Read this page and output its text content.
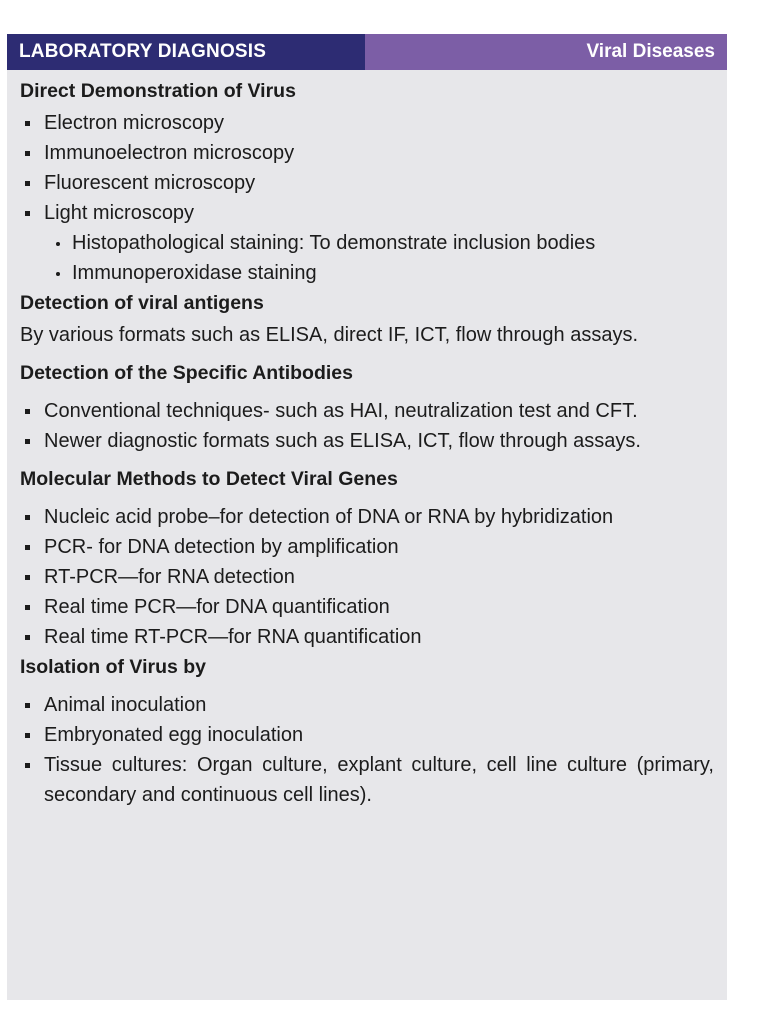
LABORATORY DIAGNOSIS	Viral Diseases
Direct Demonstration of Virus
Electron microscopy
Immunoelectron microscopy
Fluorescent microscopy
Light microscopy
Histopathological staining: To demonstrate inclusion bodies
Immunoperoxidase staining
Detection of viral antigens

By various formats such as ELISA, direct IF, ICT, flow through assays.

Detection of the Specific Antibodies
Conventional techniques- such as HAI, neutralization test and CFT.
Newer diagnostic formats such as ELISA, ICT, flow through assays.
Molecular Methods to Detect Viral Genes
Nucleic acid probe–for detection of DNA or RNA by hybridization
PCR- for DNA detection by amplification
RT-PCR—for RNA detection
Real time PCR—for DNA quantification
Real time RT-PCR—for RNA quantification
Isolation of Virus by
Animal inoculation
Embryonated egg inoculation
Tissue cultures: Organ culture, explant culture, cell line culture (primary, secondary and continuous cell lines).
